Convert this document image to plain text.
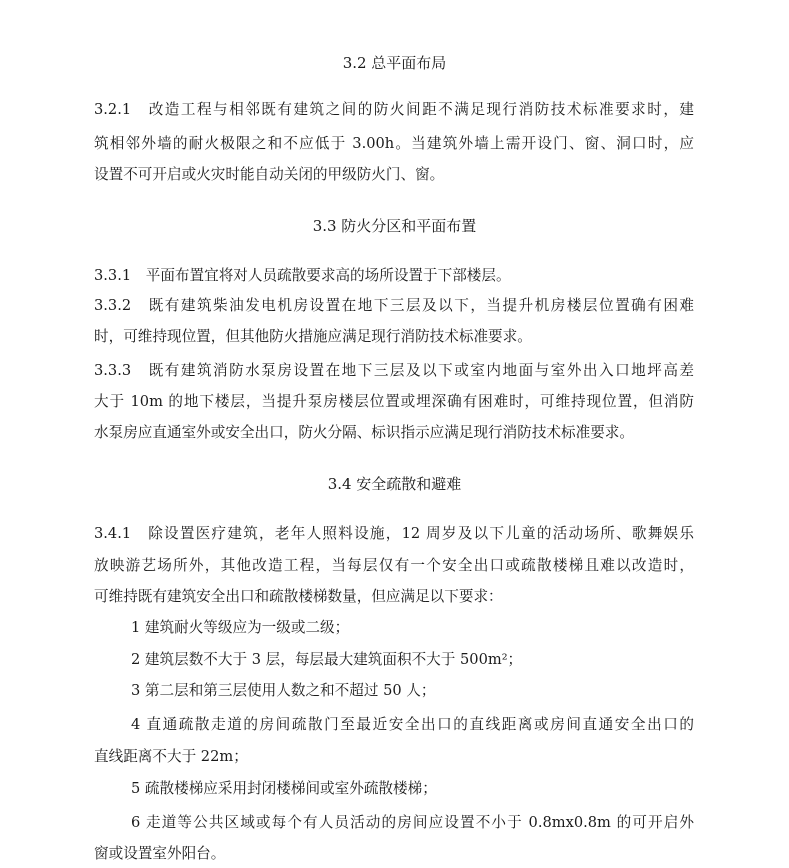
3.2 总平面布局
3.2.1　改造工程与相邻既有建筑之间的防火间距不满足现行消防技术标准要求时，建
筑相邻外墙的耐火极限之和不应低于 3.00h。当建筑外墙上需开设门、窗、洞口时，应
设置不可开启或火灾时能自动关闭的甲级防火门、窗。
3.3 防火分区和平面布置
3.3.1　平面布置宜将对人员疏散要求高的场所设置于下部楼层。
3.3.2　既有建筑柴油发电机房设置在地下三层及以下，当提升机房楼层位置确有困难
时，可维持现位置，但其他防火措施应满足现行消防技术标准要求。
3.3.3　既有建筑消防水泵房设置在地下三层及以下或室内地面与室外出入口地坪高差
大于 10m 的地下楼层，当提升泵房楼层位置或埋深确有困难时，可维持现位置，但消防
水泵房应直通室外或安全出口，防火分隔、标识指示应满足现行消防技术标准要求。
3.4 安全疏散和避难
3.4.1　除设置医疗建筑，老年人照料设施，12 周岁及以下儿童的活动场所、歌舞娱乐
放映游艺场所外，其他改造工程，当每层仅有一个安全出口或疏散楼梯且难以改造时，
可维持既有建筑安全出口和疏散楼梯数量，但应满足以下要求：
1 建筑耐火等级应为一级或二级；
2 建筑层数不大于 3 层，每层最大建筑面积不大于 500m²；
3 第二层和第三层使用人数之和不超过 50 人；
4 直通疏散走道的房间疏散门至最近安全出口的直线距离或房间直通安全出口的
直线距离不大于 22m；
5 疏散楼梯应采用封闭楼梯间或室外疏散楼梯；
6 走道等公共区域或每个有人员活动的房间应设置不小于 0.8mx0.8m 的可开启外
窗或设置室外阳台。
